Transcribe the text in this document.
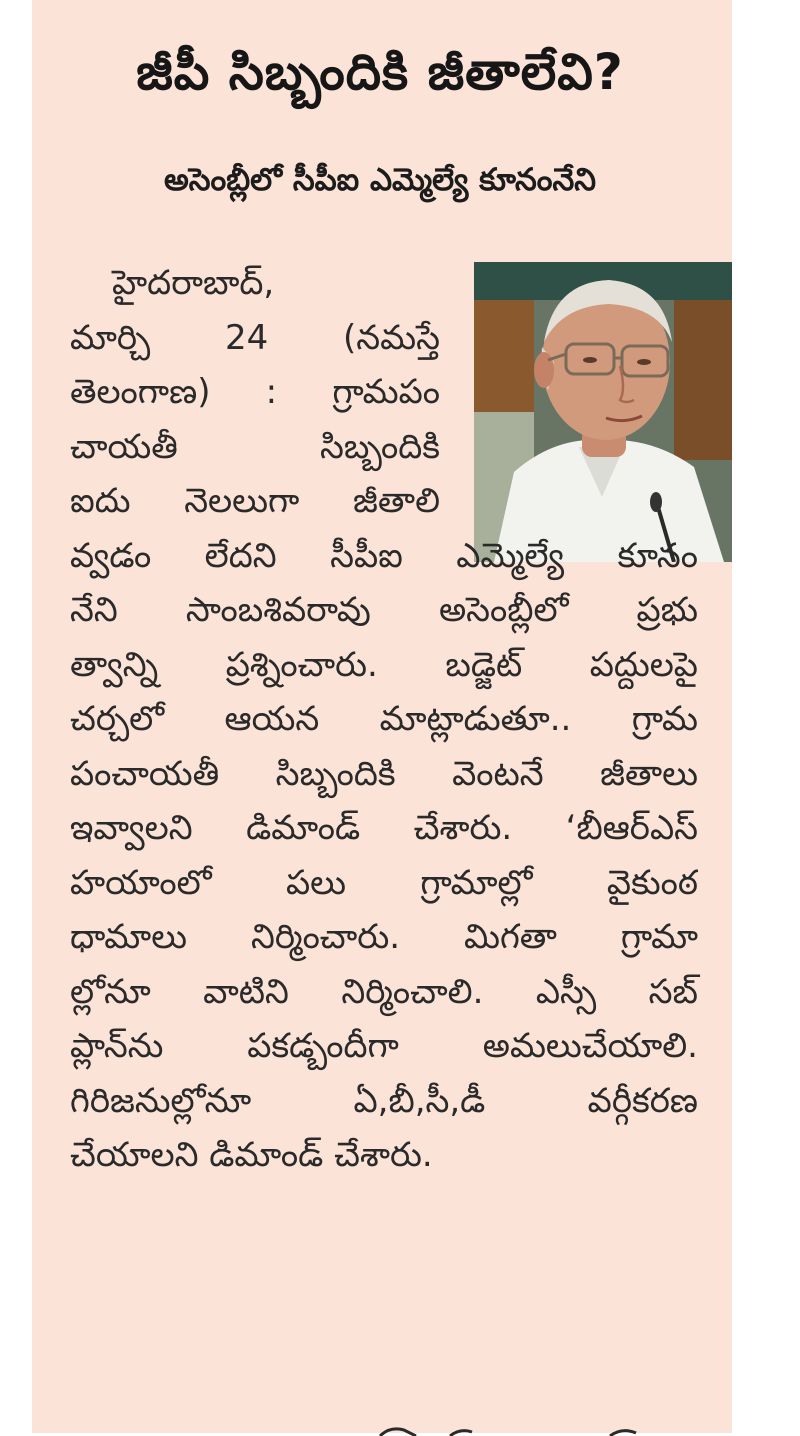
జీపీ సిబ్బందికి జీతాలేవి?
అసెంబ్లీలో సీపీఐ ఎమ్మెల్యే కూనంనేని
హైదరాబాద్,
మార్చి 24 (నమస్తే
తెలంగాణ) : గ్రామపం
చాయతీ సిబ్బందికి
ఐదు నెలలుగా జీతాలి
వ్వడం లేదని సీపీఐ ఎమ్మెల్యే కూనం
నేని సాంబశివరావు అసెంబ్లీలో ప్రభు
త్వాన్ని ప్రశ్నించారు. బడ్జెట్ పద్దులపై
చర్చలో ఆయన మాట్లాడుతూ.. గ్రామ
పంచాయతీ సిబ్బందికి వెంటనే జీతాలు
ఇవ్వాలని డిమాండ్ చేశారు. ‘బీఆర్ఎస్
హయాంలో పలు గ్రామాల్లో వైకుంఠ
ధామాలు నిర్మించారు. మిగతా గ్రామా
ల్లోనూ వాటిని నిర్మించాలి. ఎస్సీ సబ్
ప్లాన్‌ను పకడ్బందీగా అమలుచేయాలి.
గిరిజనుల్లోనూ ఏ,బీ,సీ,డీ వర్గీకరణ
చేయాలని డిమాండ్ చేశారు.
